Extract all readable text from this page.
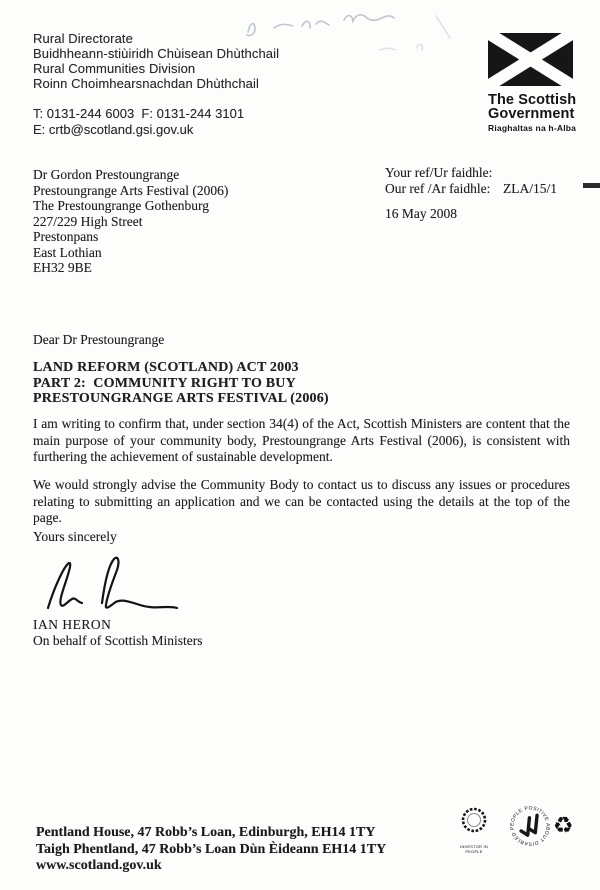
Rural Directorate
Buidhheann-stiùiridh Chùisean Dhùthchail
Rural Communities Division
Roinn Choimhearsnachdan Dhùthchail
T: 0131-244 6003  F: 0131-244 3101
E: crtb@scotland.gsi.gov.uk
The Scottish
Government
Riaghaltas na h-Alba
Dr Gordon Prestoungrange
Prestoungrange Arts Festival (2006)
The Prestoungrange Gothenburg
227/229 High Street
Prestonpans
East Lothian
EH32 9BE
Your ref/Ur faidhle:
Our ref /Ar faidhle: ZLA/15/1
16 May 2008
Dear Dr Prestoungrange
LAND REFORM (SCOTLAND) ACT 2003
PART 2:  COMMUNITY RIGHT TO BUY
PRESTOUNGRANGE ARTS FESTIVAL (2006)
I am writing to confirm that, under section 34(4) of the Act, Scottish Ministers are content that the main purpose of your community body, Prestoungrange Arts Festival (2006), is consistent with furthering the achievement of sustainable development.
We would strongly advise the Community Body to contact us to discuss any issues or procedures relating to submitting an application and we can be contacted using the details at the top of the page.
Yours sincerely
IAN HERON
On behalf of Scottish Ministers
Pentland House, 47 Robb’s Loan, Edinburgh, EH14 1TY
Taigh Phentland, 47 Robb’s Loan Dùn Èideann EH14 1TY
www.scotland.gov.uk
INVESTOR IN PEOPLE
POSITIVE ABOUT DISABLED PEOPLE
♻
